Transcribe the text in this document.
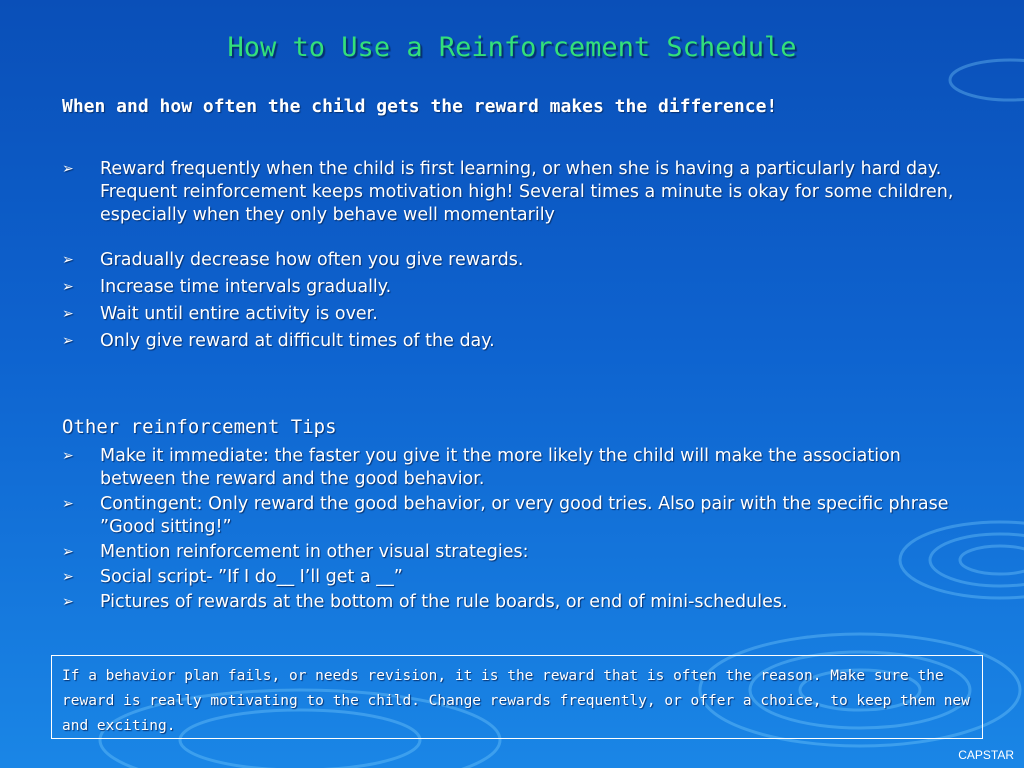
How to Use a Reinforcement Schedule
When and how often the child gets the reward makes the difference!
➢ Reward frequently when the child is first learning, or when she is having a particularly hard day. Frequent reinforcement keeps motivation high! Several times a minute is okay for some children, especially when they only behave well momentarily
➢ Gradually decrease how often you give rewards.
➢ Increase time intervals gradually.
➢ Wait until entire activity is over.
➢ Only give reward at difficult times of the day.
Other reinforcement Tips
➢ Make it immediate: the faster you give it the more likely the child will make the association between the reward and the good behavior.
➢ Contingent: Only reward the good behavior, or very good tries. Also pair with the specific phrase ”Good sitting!”
➢ Mention reinforcement in other visual strategies:
➢ Social script- ”If I do__ I’ll get a __”
➢ Pictures of rewards at the bottom of the rule boards, or end of mini-schedules.
If a behavior plan fails, or needs revision, it is the reward that is often the reason. Make sure the reward is really motivating to the child. Change rewards frequently, or offer a choice, to keep them new and exciting.
CAPSTAR
